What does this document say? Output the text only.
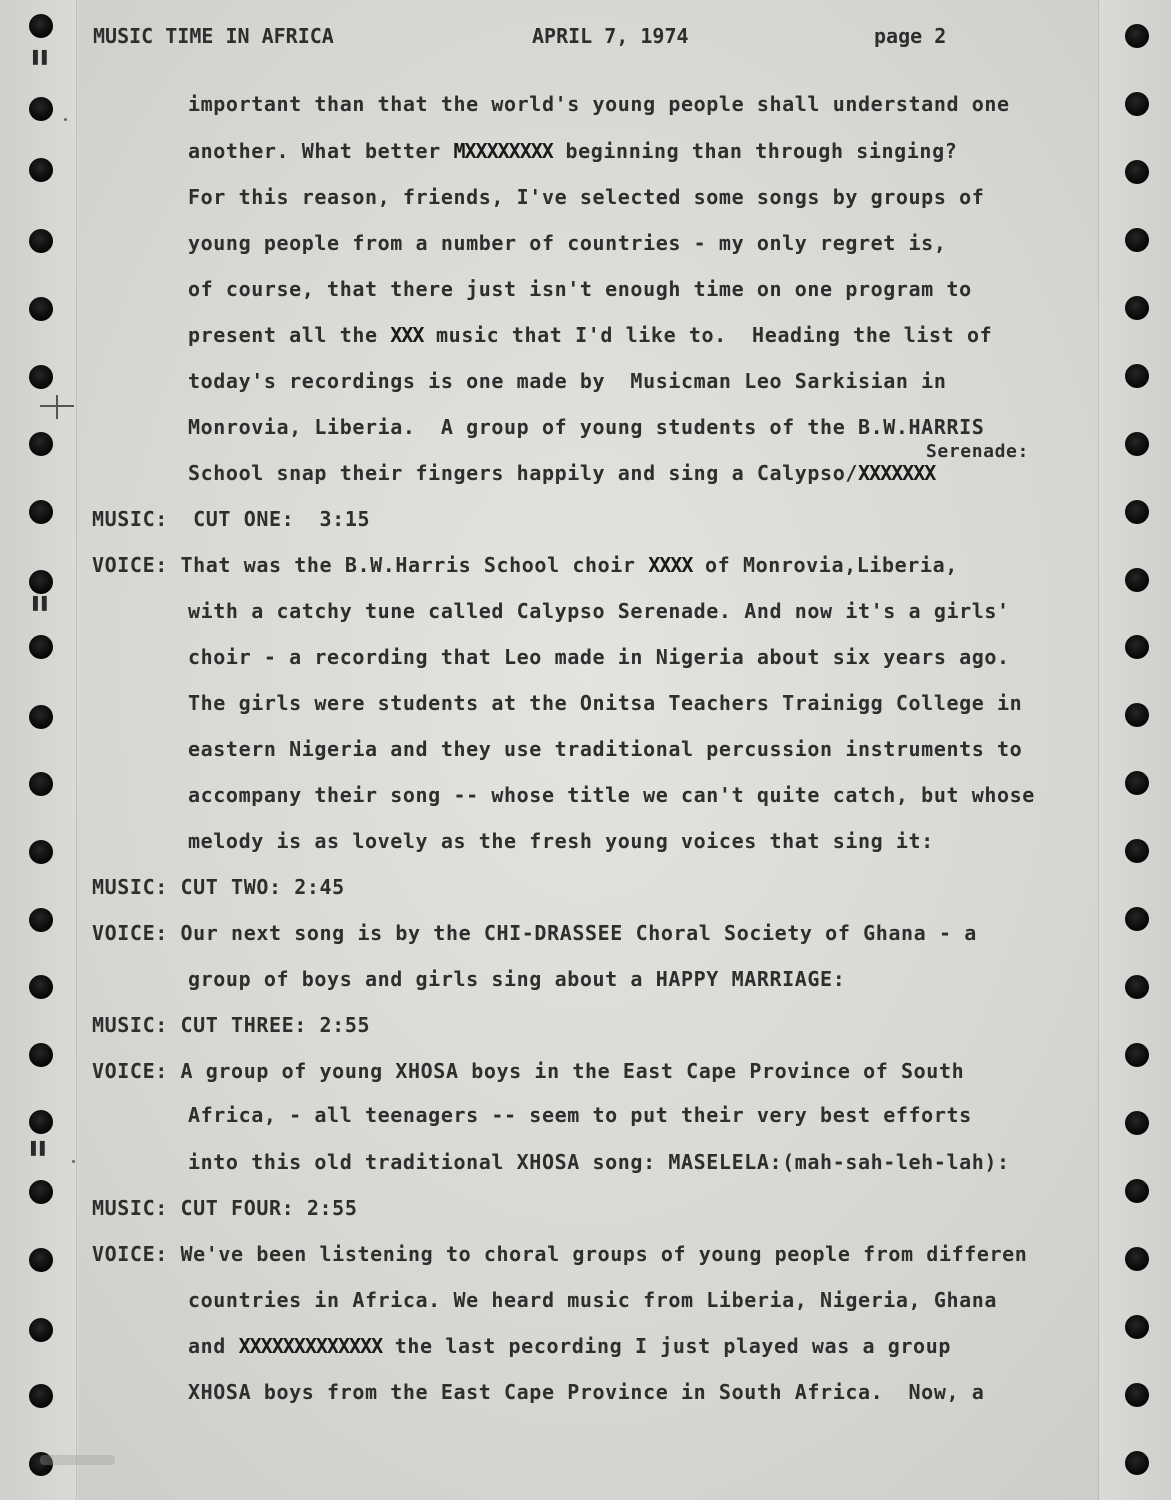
❚❚
❚❚
❚❚
MUSIC TIME IN AFRICA	APRIL 7, 1974	page 2
important than that the world's young people shall understand one
another. What better MXXXXXXXX beginning than through singing?
For this reason, friends, I've selected some songs by groups of
young people from a number of countries - my only regret is,
of course, that there just isn't enough time on one program to
present all the XXX music that I'd like to.  Heading the list of
today's recordings is one made by  Musicman Leo Sarkisian in
Monrovia, Liberia.  A group of young students of the B.W.HARRIS
Serenade:
School snap their fingers happily and sing a Calypso/XXXXXXX
MUSIC:  CUT ONE:  3:15
VOICE: That was the B.W.Harris School choir XXXX of Monrovia,Liberia,
with a catchy tune called Calypso Serenade. And now it's a girls'
choir - a recording that Leo made in Nigeria about six years ago.
The girls were students at the Onitsa Teachers Trainigg College in
eastern Nigeria and they use traditional percussion instruments to
accompany their song -- whose title we can't quite catch, but whose
melody is as lovely as the fresh young voices that sing it:
MUSIC: CUT TWO: 2:45
VOICE: Our next song is by the CHI-DRASSEE Choral Society of Ghana - a
group of boys and girls sing about a HAPPY MARRIAGE:
MUSIC: CUT THREE: 2:55
VOICE: A group of young XHOSA boys in the East Cape Province of South
Africa, - all teenagers -- seem to put their very best efforts
into this old traditional XHOSA song: MASELELA:(mah-sah-leh-lah):
MUSIC: CUT FOUR: 2:55
VOICE: We've been listening to choral groups of young people from differen
countries in Africa. We heard music from Liberia, Nigeria, Ghana
and XXXXXXXXXXXXX the last pecording I just played was a group
XHOSA boys from the East Cape Province in South Africa.  Now, a
